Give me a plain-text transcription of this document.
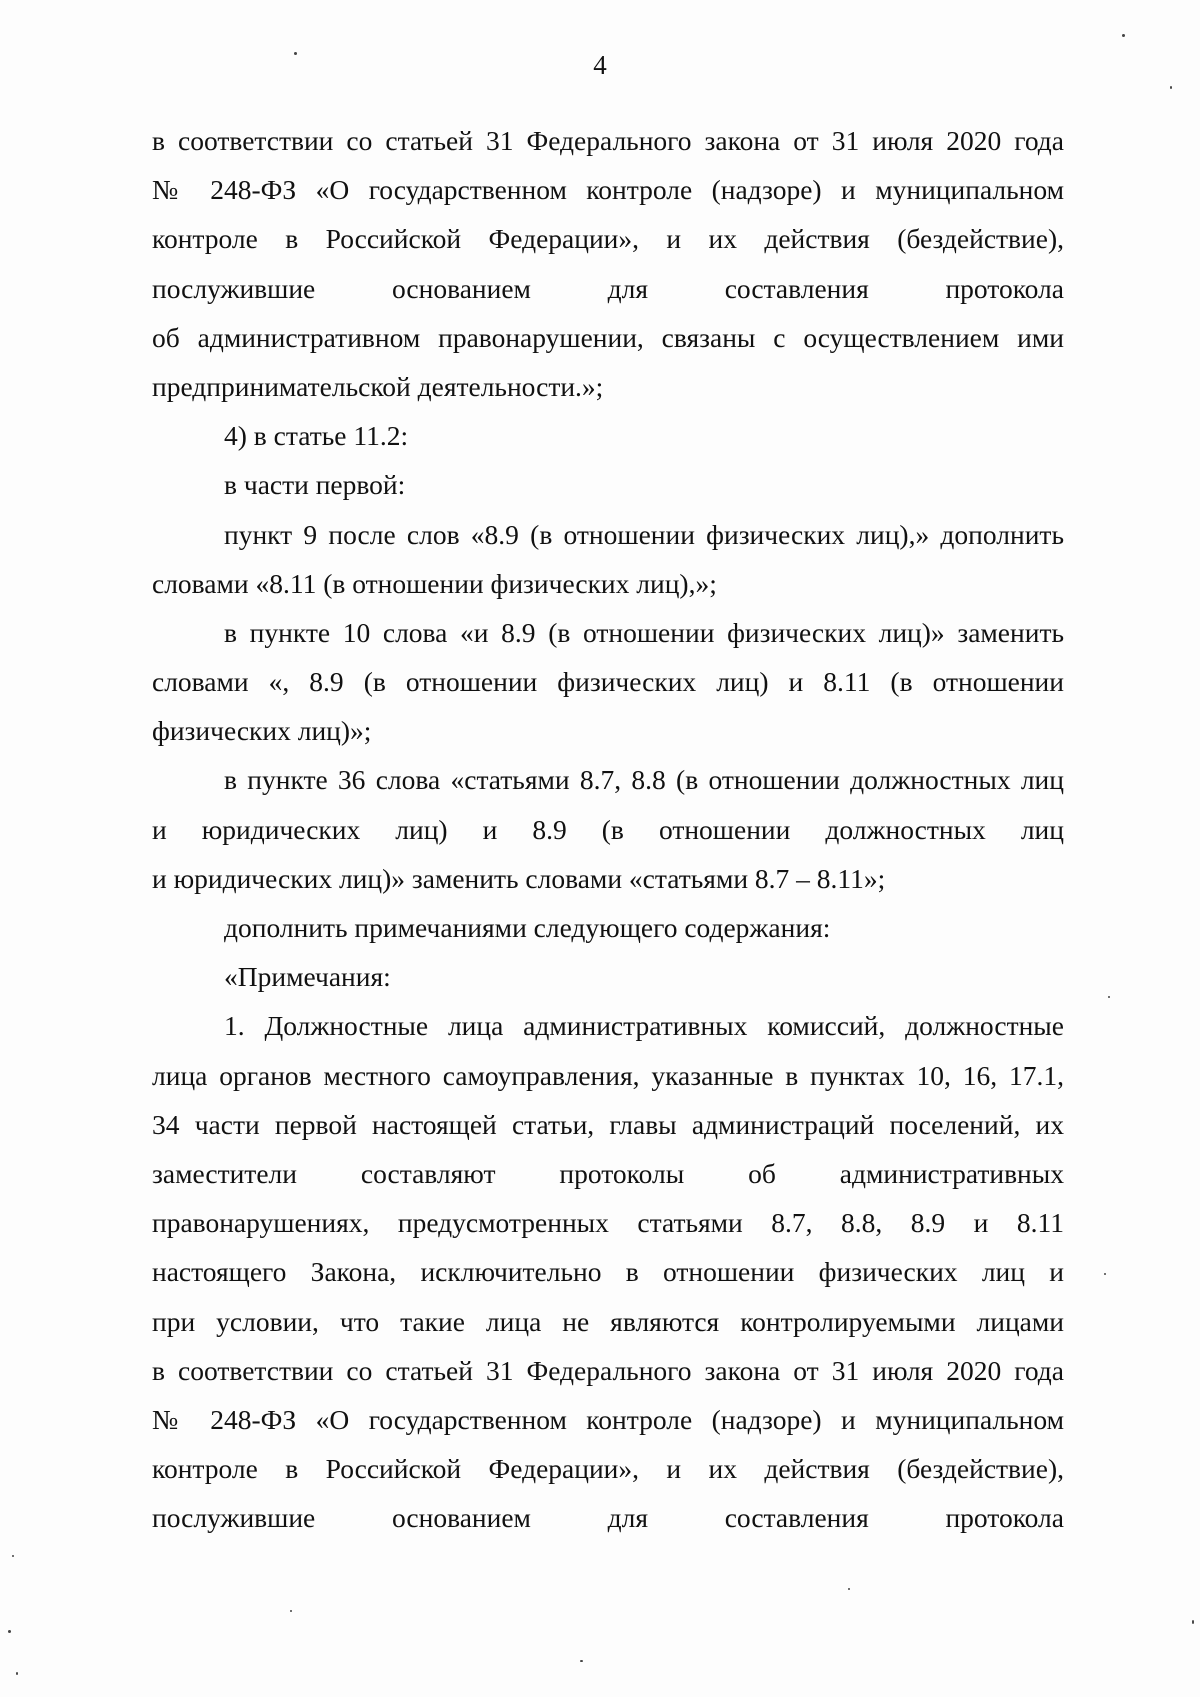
4
в соответствии со статьей 31 Федерального закона от 31 июля 2020 года
№ 248-ФЗ «О государственном контроле (надзоре) и муниципальном
контроле в Российской Федерации», и их действия (бездействие),
послужившие основанием для составления протокола
об административном правонарушении, связаны с осуществлением ими
предпринимательской деятельности.»;
4) в статье 11.2:
в части первой:
пункт 9 после слов «8.9 (в отношении физических лиц),» дополнить
словами «8.11 (в отношении физических лиц),»;
в пункте 10 слова «и 8.9 (в отношении физических лиц)» заменить
словами «, 8.9 (в отношении физических лиц) и 8.11 (в отношении
физических лиц)»;
в пункте 36 слова «статьями 8.7, 8.8 (в отношении должностных лиц
и юридических лиц) и 8.9 (в отношении должностных лиц
и юридических лиц)» заменить словами «статьями 8.7 – 8.11»;
дополнить примечаниями следующего содержания:
«Примечания:
1. Должностные лица административных комиссий, должностные
лица органов местного самоуправления, указанные в пунктах 10, 16, 17.1,
34 части первой настоящей статьи, главы администраций поселений, их
заместители составляют протоколы об административных
правонарушениях, предусмотренных статьями 8.7, 8.8, 8.9 и 8.11
настоящего Закона, исключительно в отношении физических лиц и
при условии, что такие лица не являются контролируемыми лицами
в соответствии со статьей 31 Федерального закона от 31 июля 2020 года
№ 248-ФЗ «О государственном контроле (надзоре) и муниципальном
контроле в Российской Федерации», и их действия (бездействие),
послужившие основанием для составления протокола
